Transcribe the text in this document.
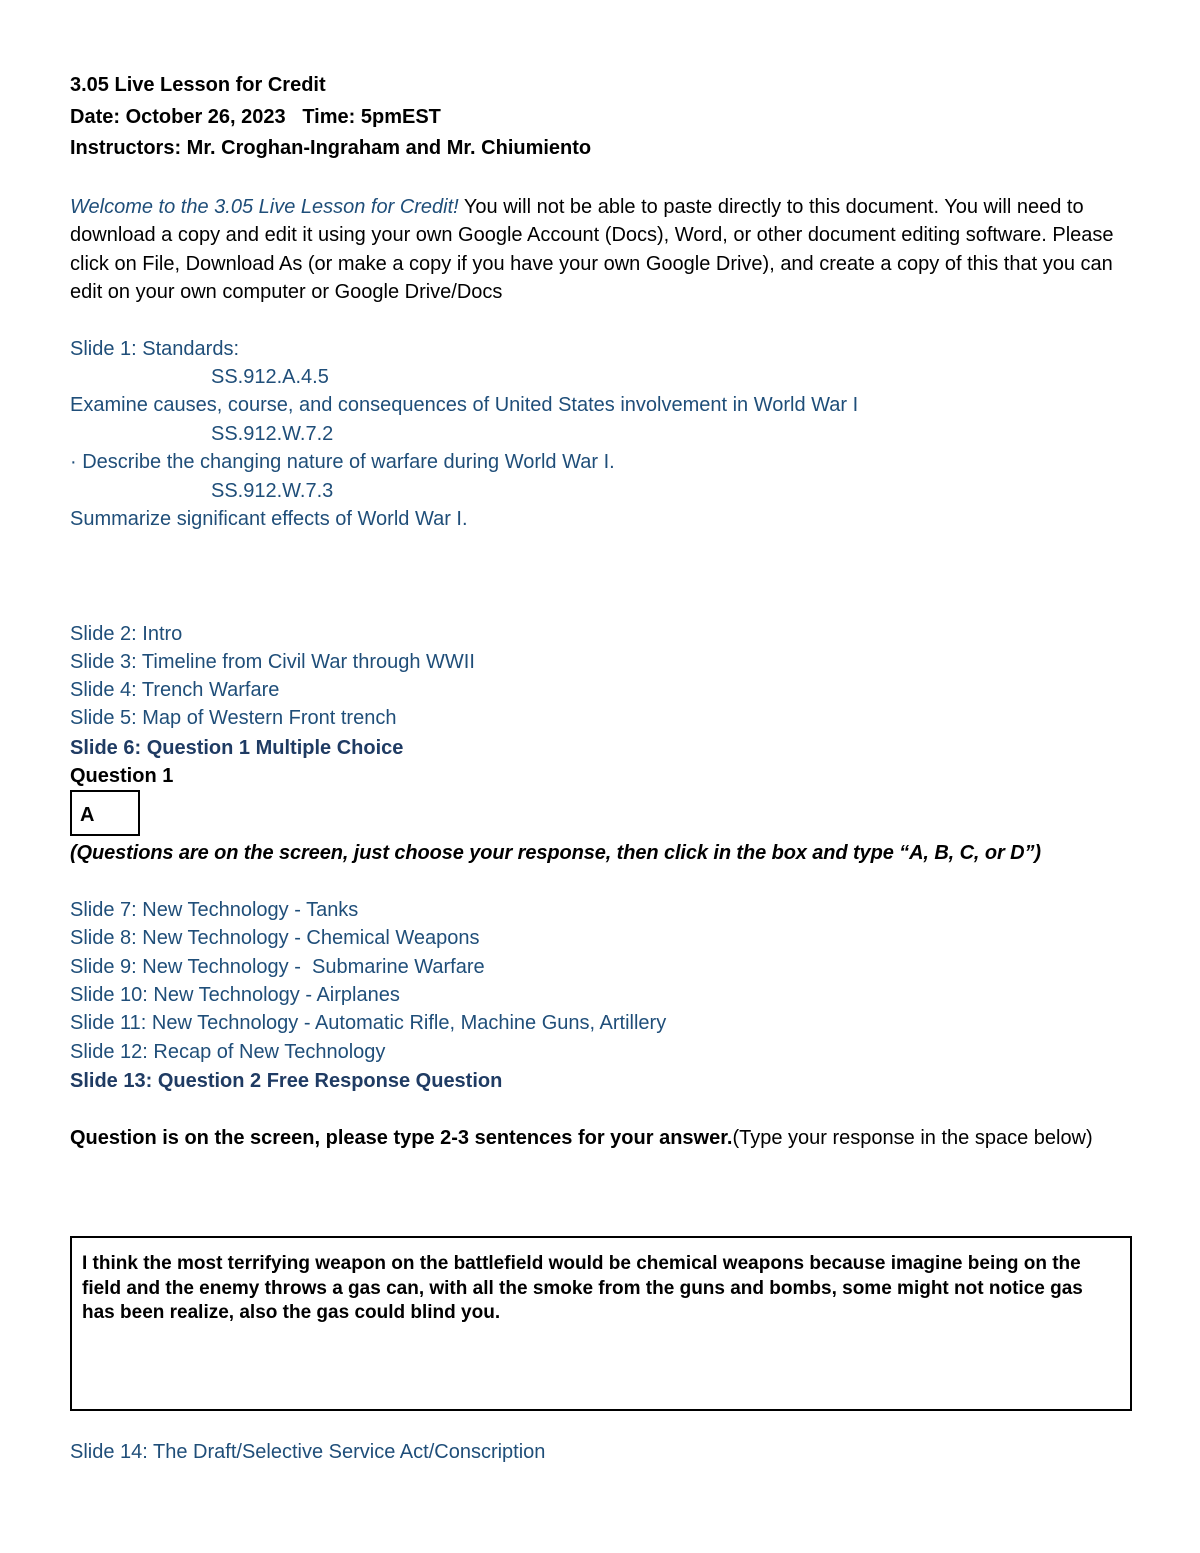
3.05 Live Lesson for Credit
Date: October 26, 2023   Time: 5pmEST
Instructors: Mr. Croghan-Ingraham and Mr. Chiumiento
Welcome to the 3.05 Live Lesson for Credit! You will not be able to paste directly to this document. You will need to download a copy and edit it using your own Google Account (Docs), Word, or other document editing software. Please click on File, Download As (or make a copy if you have your own Google Drive), and create a copy of this that you can edit on your own computer or Google Drive/Docs
Slide 1: Standards:
SS.912.A.4.5
Examine causes, course, and consequences of United States involvement in World War I
SS.912.W.7.2
· Describe the changing nature of warfare during World War I.
SS.912.W.7.3
Summarize significant effects of World War I.
Slide 2: Intro
Slide 3: Timeline from Civil War through WWII
Slide 4: Trench Warfare
Slide 5: Map of Western Front trench
Slide 6: Question 1 Multiple Choice
Question 1
A
(Questions are on the screen, just choose your response, then click in the box and type “A, B, C, or D”)
Slide 7: New Technology - Tanks
Slide 8: New Technology - Chemical Weapons
Slide 9: New Technology -  Submarine Warfare
Slide 10: New Technology - Airplanes
Slide 11: New Technology - Automatic Rifle, Machine Guns, Artillery
Slide 12: Recap of New Technology
Slide 13: Question 2 Free Response Question
Question is on the screen, please type 2-3 sentences for your answer.(Type your response in the space below)
I think the most terrifying weapon on the battlefield would be chemical weapons because imagine being on the field and the enemy throws a gas can, with all the smoke from the guns and bombs, some might not notice gas has been realize, also the gas could blind you.
Slide 14: The Draft/Selective Service Act/Conscription
